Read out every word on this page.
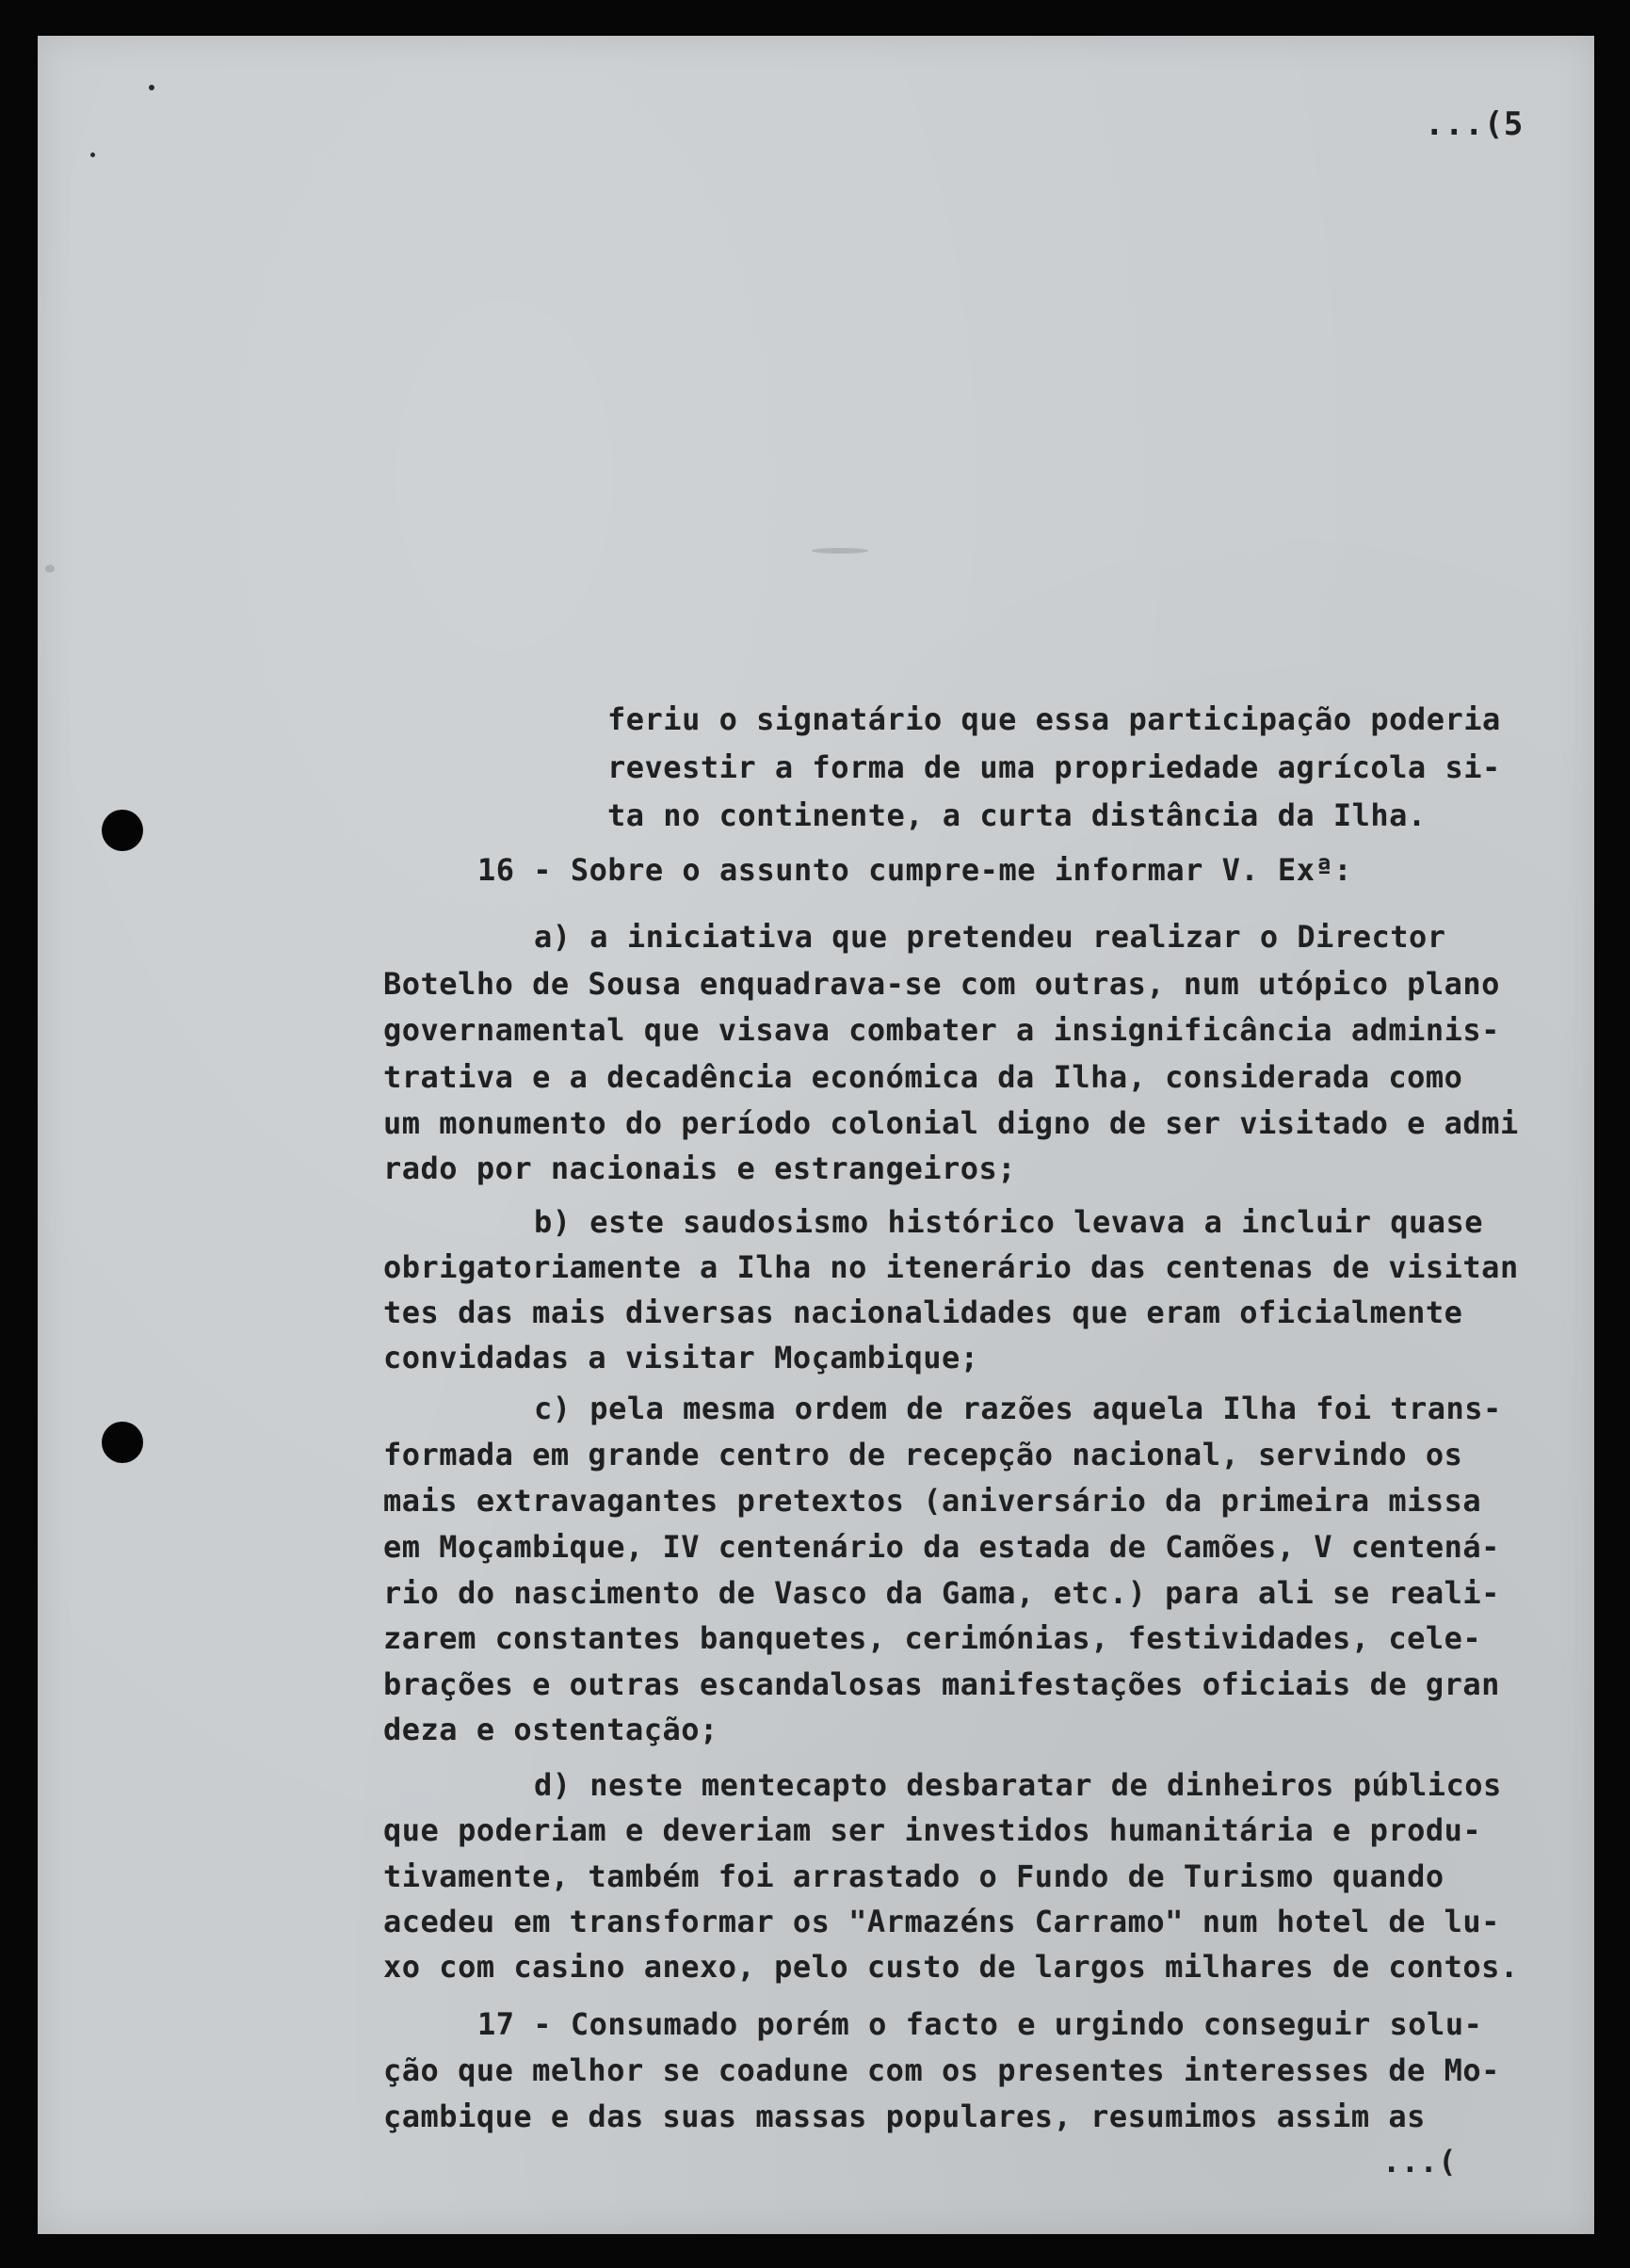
...(5
feriu o signatário que essa participação poderia
revestir a forma de uma propriedade agrícola si-
ta no continente, a curta distância da Ilha.
16 - Sobre o assunto cumpre-me informar V. Exª:
a) a iniciativa que pretendeu realizar o Director
Botelho de Sousa enquadrava-se com outras, num utópico plano
governamental que visava combater a insignificância adminis-
trativa e a decadência económica da Ilha, considerada como
um monumento do período colonial digno de ser visitado e admi
rado por nacionais e estrangeiros;
b) este saudosismo histórico levava a incluir quase
obrigatoriamente a Ilha no itenerário das centenas de visitan
tes das mais diversas nacionalidades que eram oficialmente
convidadas a visitar Moçambique;
c) pela mesma ordem de razões aquela Ilha foi trans-
formada em grande centro de recepção nacional, servindo os
mais extravagantes pretextos (aniversário da primeira missa
em Moçambique, IV centenário da estada de Camões, V centená-
rio do nascimento de Vasco da Gama, etc.) para ali se reali-
zarem constantes banquetes, cerimónias, festividades, cele-
brações e outras escandalosas manifestações oficiais de gran
deza e ostentação;
d) neste mentecapto desbaratar de dinheiros públicos
que poderiam e deveriam ser investidos humanitária e produ-
tivamente, também foi arrastado o Fundo de Turismo quando
acedeu em transformar os "Armazéns Carramo" num hotel de lu-
xo com casino anexo, pelo custo de largos milhares de contos.
17 - Consumado porém o facto e urgindo conseguir solu-
ção que melhor se coadune com os presentes interesses de Mo-
çambique e das suas massas populares, resumimos assim as
...(
